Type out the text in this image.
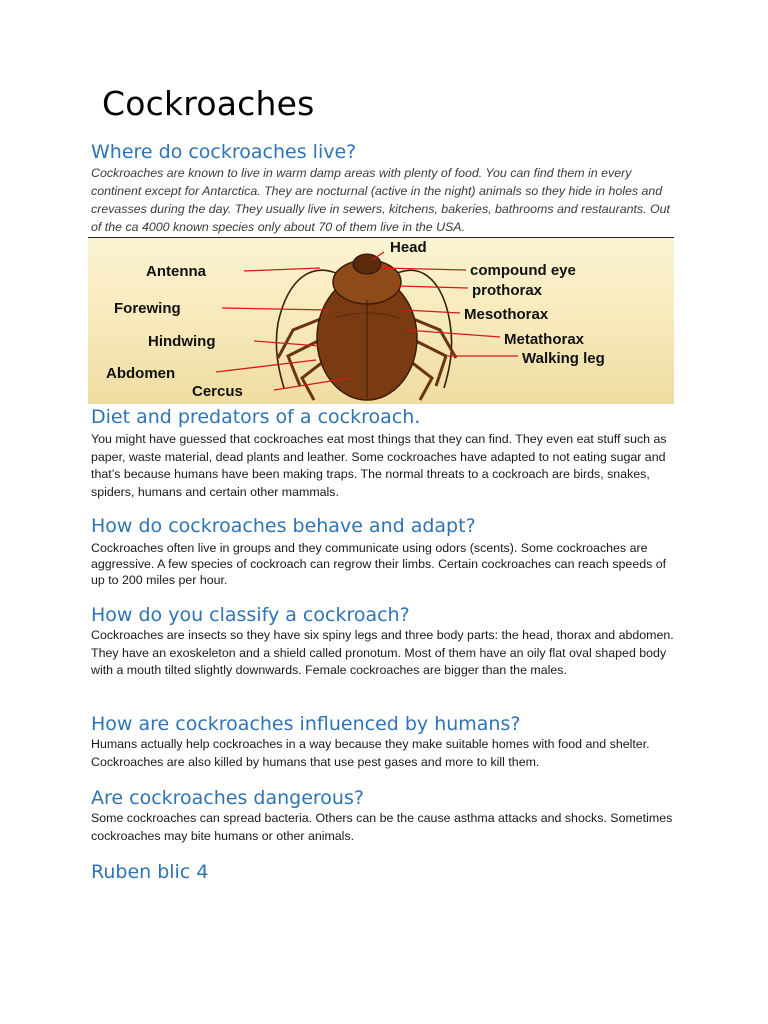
Cockroaches
Where do cockroaches live?

Cockroaches are known to live in warm damp areas with plenty of food. You can find them in every continent except for Antarctica. They are nocturnal (active in the night) animals so they hide in holes and crevasses during the day. They usually live in sewers, kitchens, bakeries, bathrooms and restaurants. Out of the ca 4000 known species only about 70 of them live in the USA.

Antenna
Forewing
Hindwing
Abdomen
Cercus
Head
compound eye
prothorax
Mesothorax
Metathorax
Walking leg
Diet and predators of a cockroach.

You might have guessed that cockroaches eat most things that they can find. They even eat stuff such as paper, waste material, dead plants and leather. Some cockroaches have adapted to not eating sugar and that’s because humans have been making traps. The normal threats to a cockroach are birds, snakes, spiders, humans and certain other mammals.

How do cockroaches behave and adapt?

Cockroaches often live in groups and they communicate using odors (scents). Some cockroaches are aggressive. A few species of cockroach can regrow their limbs. Certain cockroaches can reach speeds of up to 200 miles per hour.

How do you classify a cockroach?

Cockroaches are insects so they have six spiny legs and three body parts: the head, thorax and abdomen. They have an exoskeleton and a shield called pronotum. Most of them have an oily flat oval shaped body with a mouth tilted slightly downwards. Female cockroaches are bigger than the males.

How are cockroaches influenced by humans?

Humans actually help cockroaches in a way because they make suitable homes with food and shelter. Cockroaches are also killed by humans that use pest gases and more to kill them.

Are cockroaches dangerous?

Some cockroaches can spread bacteria. Others can be the cause asthma attacks and shocks. Sometimes cockroaches may bite humans or other animals.

Ruben blic 4
